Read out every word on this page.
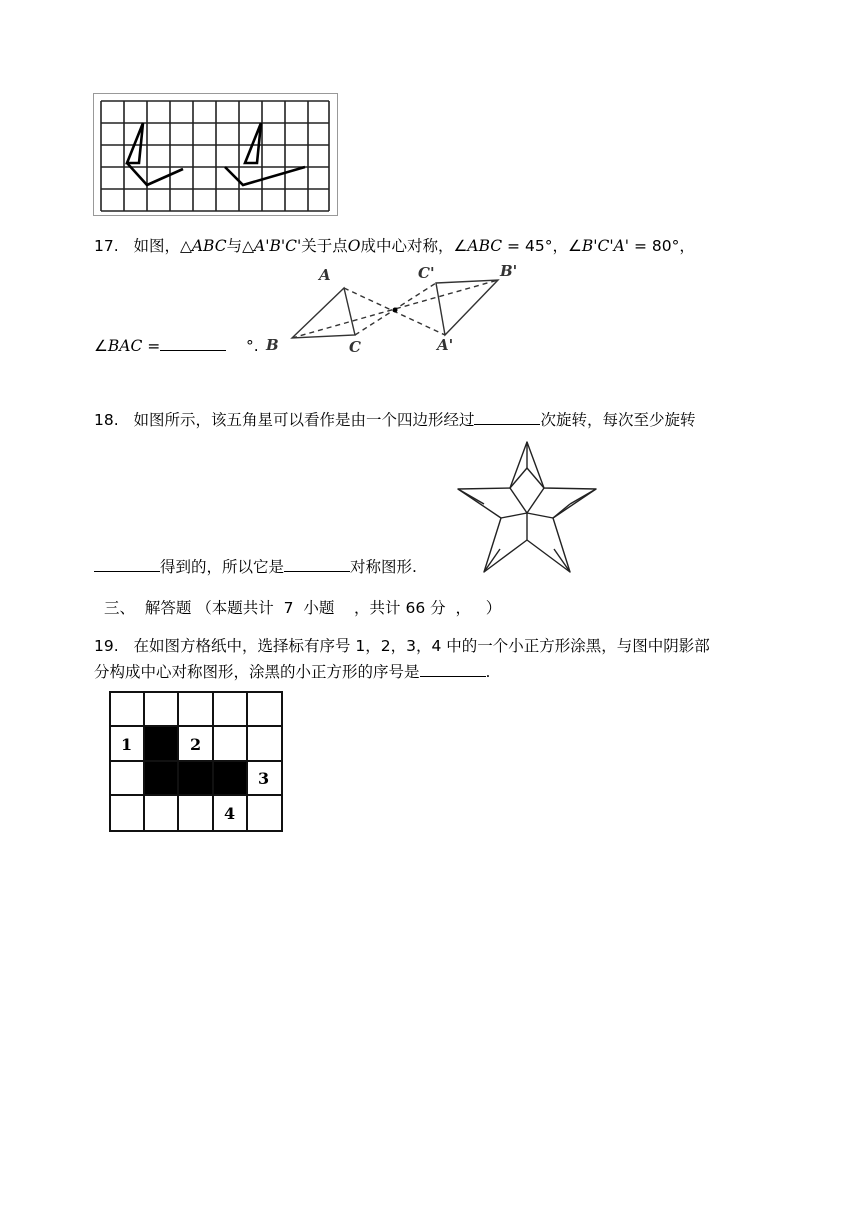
17. 如图，△ABC与△A'B'C'关于点O成中心对称，∠ABC = 45°，∠B'C'A' = 80°，
A
B	C
C'	B'
A'
∠BAC =	°.
18. 如图所示，该五角星可以看作是由一个四边形经过	次旋转，每次至少旋转
得到的，所以它是	对称图形.
三、  解答题 （本题共计  7  小题    ，共计 66 分  ，   ）
19. 在如图方格纸中，选择标有序号 1，2，3，4 中的一个小正方形涂黑，与图中阴影部
分构成中心对称图形，涂黑的小正方形的序号是	.
1	2
3
4
